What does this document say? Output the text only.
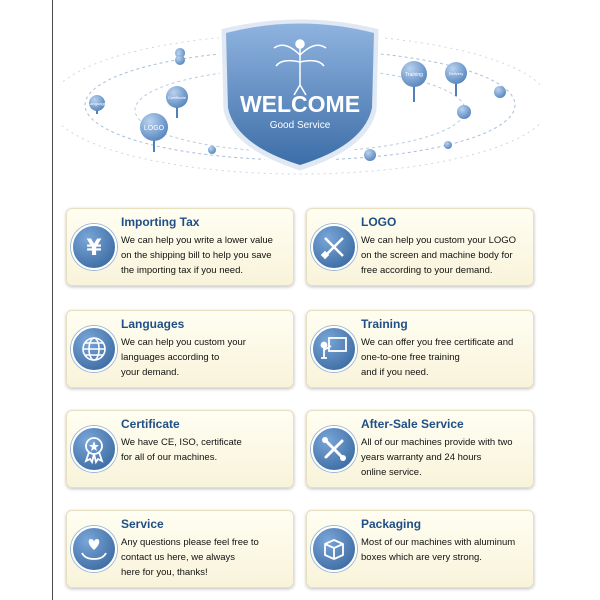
Language
Certificate
LOGO
Training	Delivery
WELCOME
Good Service
¥
Importing Tax

We can help you write a lower value
on the shipping bill to help you save
the importing tax if you need.

LOGO

We can help you custom your LOGO
on the screen and machine body for
free according to your demand.

Languages

We can help you custom your
languages according to
your demand.

Training

We can offer you free certificate and
one-to-one free training
and if you need.

Certificate

We have CE, ISO, certificate
for all of our machines.

After-Sale Service

All of our machines provide with two
years warranty and 24 hours
online service.

Service

Any questions please feel free to
contact us here, we always
here for you, thanks!

Packaging

Most of our machines with aluminum
boxes which are very strong.
